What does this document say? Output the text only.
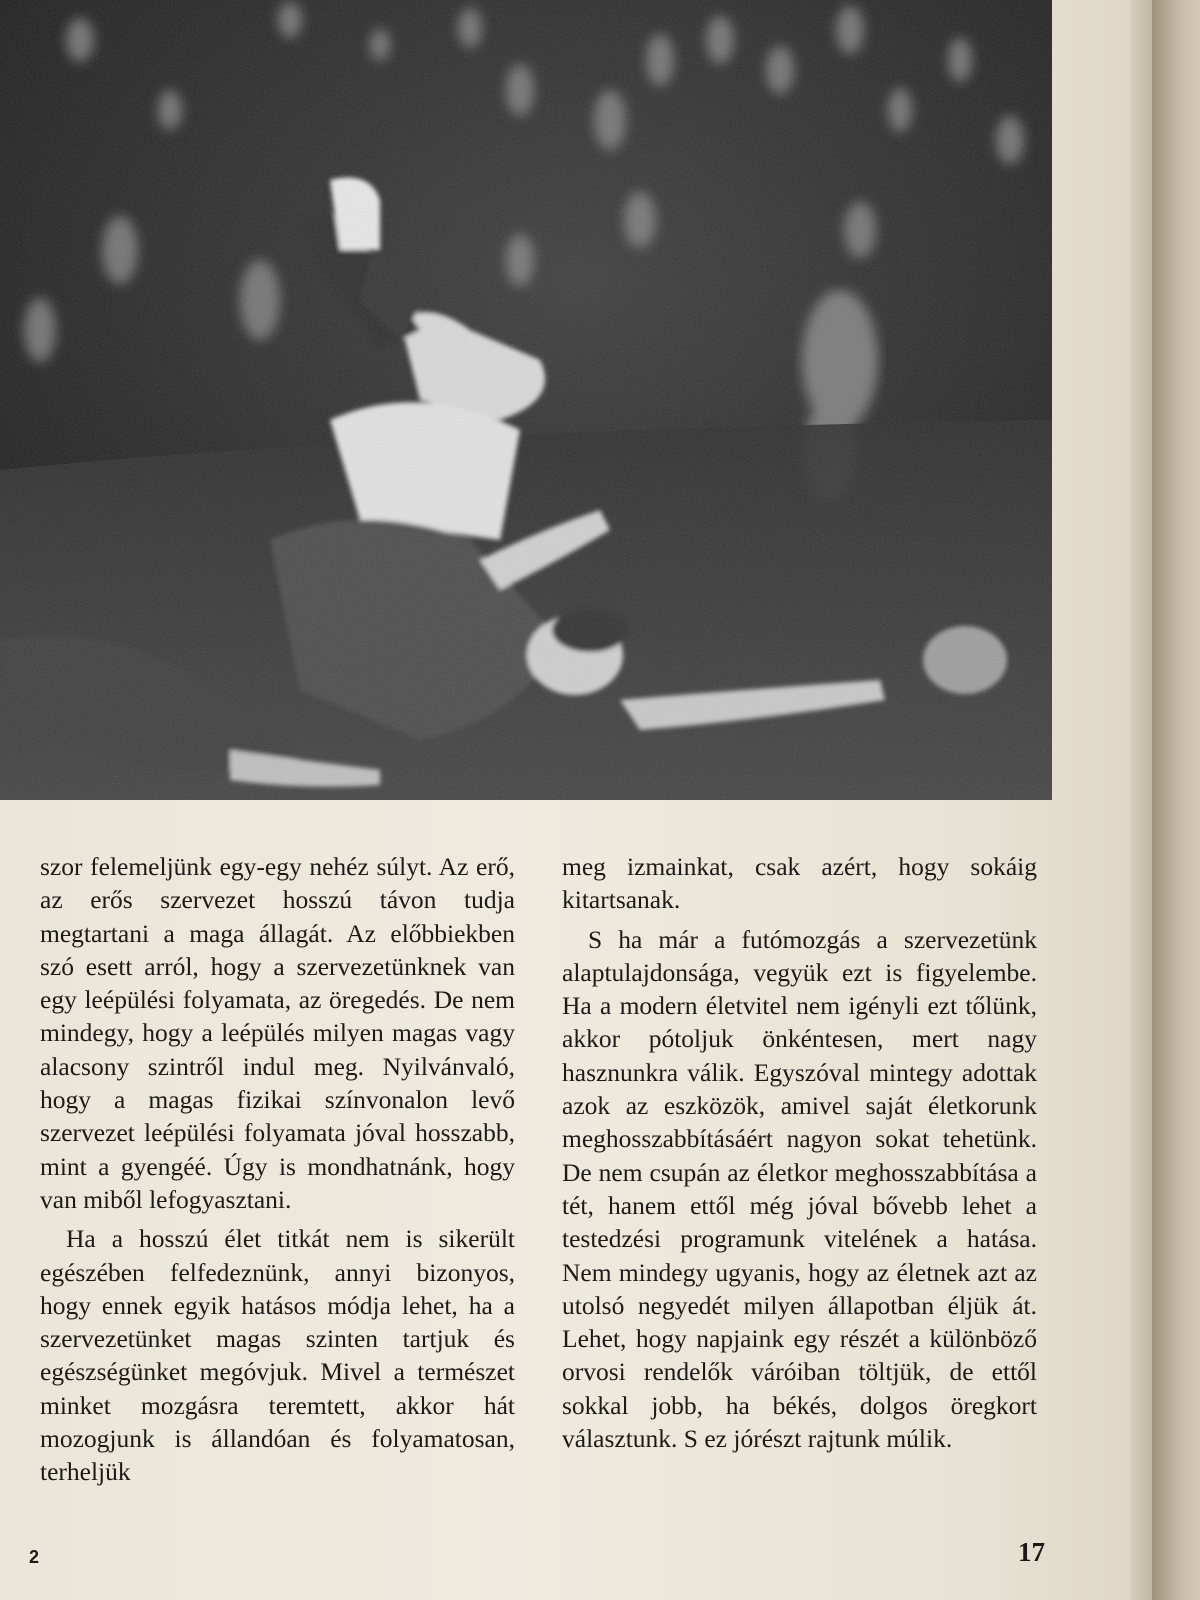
szor felemeljünk egy-egy nehéz súlyt. Az erő, az erős szervezet hosszú távon tudja megtartani a maga állagát. Az előbbiekben szó esett arról, hogy a szervezetünknek van egy leépülési folyamata, az öregedés. De nem mindegy, hogy a leépülés milyen magas vagy alacsony szintről indul meg. Nyilvánvaló, hogy a magas fizikai színvonalon levő szervezet leépülési folyamata jóval hosszabb, mint a gyengéé. Úgy is mondhatnánk, hogy van miből lefogyasztani.

Ha a hosszú élet titkát nem is sikerült egészében felfedeznünk, annyi bizonyos, hogy ennek egyik hatásos módja lehet, ha a szervezetünket magas szinten tartjuk és egészségünket megóvjuk. Mivel a természet minket mozgásra teremtett, akkor hát mozogjunk is állandóan és folyamatosan, terheljük

meg izmainkat, csak azért, hogy sokáig kitartsanak.

S ha már a futómozgás a szervezetünk alaptulajdonsága, vegyük ezt is figyelembe. Ha a modern életvitel nem igényli ezt tőlünk, akkor pótoljuk önkéntesen, mert nagy hasznunkra válik. Egyszóval mintegy adottak azok az eszközök, amivel saját életkorunk meghosszabbításáért nagyon sokat tehetünk. De nem csupán az életkor meghosszabbítása a tét, hanem ettől még jóval bővebb lehet a testedzési programunk vitelének a hatása. Nem mindegy ugyanis, hogy az életnek azt az utolsó negyedét milyen állapotban éljük át. Lehet, hogy napjaink egy részét a különböző orvosi rendelők váróiban töltjük, de ettől sokkal jobb, ha békés, dolgos öregkort választunk. S ez jórészt rajtunk múlik.

2	17
